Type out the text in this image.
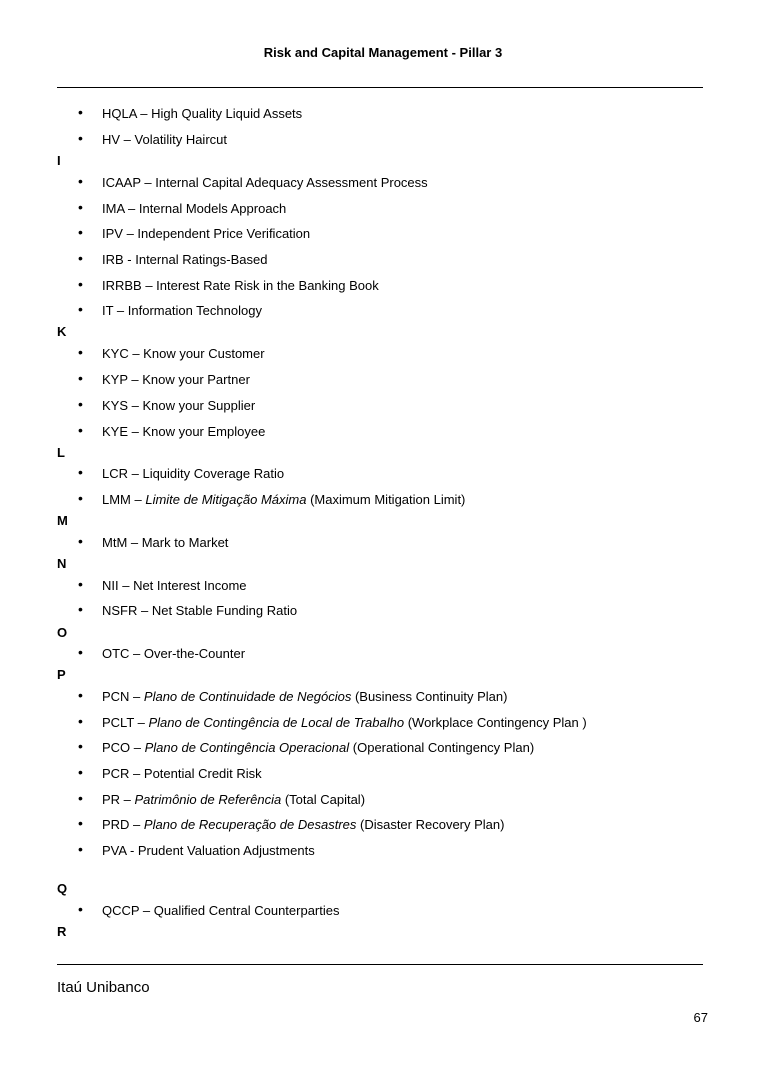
Risk and Capital Management - Pillar 3
• HQLA – High Quality Liquid Assets
• HV – Volatility Haircut
I
• ICAAP – Internal Capital Adequacy Assessment Process
• IMA – Internal Models Approach
• IPV – Independent Price Verification
• IRB - Internal Ratings-Based
• IRRBB – Interest Rate Risk in the Banking Book
• IT – Information Technology
K
• KYC – Know your Customer
• KYP – Know your Partner
• KYS – Know your Supplier
• KYE – Know your Employee
L
• LCR – Liquidity Coverage Ratio
• LMM – Limite de Mitigação Máxima (Maximum Mitigation Limit)
M
• MtM – Mark to Market
N
• NII – Net Interest Income
• NSFR – Net Stable Funding Ratio
O
• OTC – Over-the-Counter
P
• PCN – Plano de Continuidade de Negócios (Business Continuity Plan)
• PCLT – Plano de Contingência de Local de Trabalho (Workplace Contingency Plan )
• PCO – Plano de Contingência Operacional (Operational Contingency Plan)
• PCR – Potential Credit Risk
• PR – Patrimônio de Referência (Total Capital)
• PRD – Plano de Recuperação de Desastres (Disaster Recovery Plan)
• PVA - Prudent Valuation Adjustments
Q
• QCCP – Qualified Central Counterparties
R
Itaú Unibanco
67
